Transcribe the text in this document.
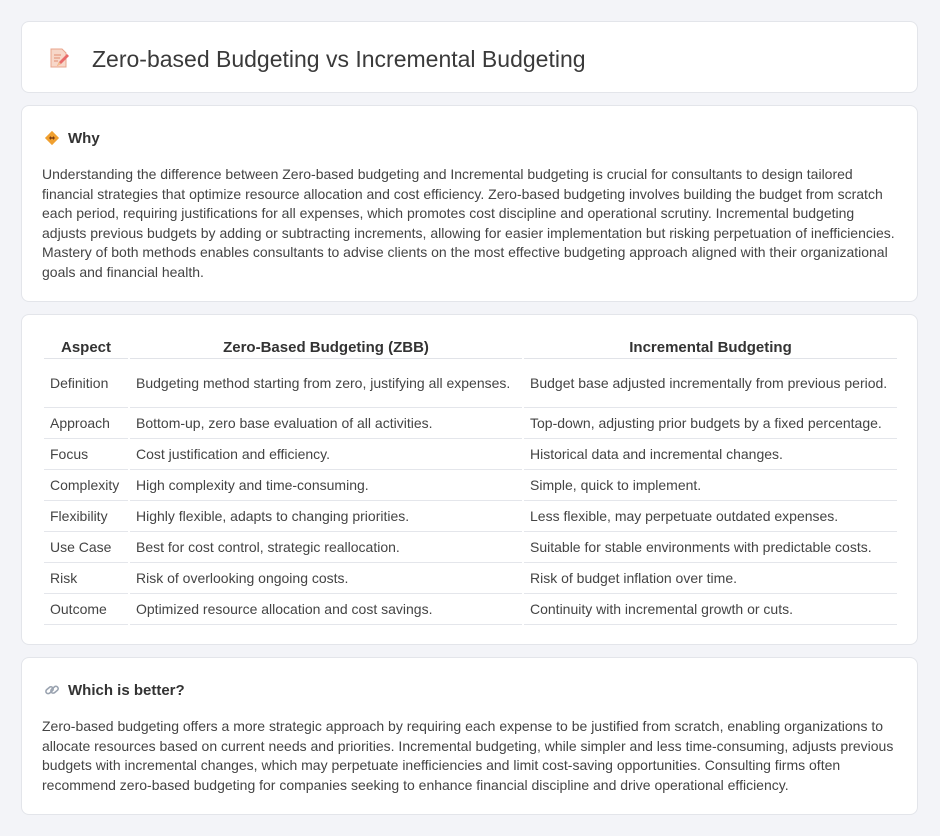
Zero-based Budgeting vs Incremental Budgeting
Why

Understanding the difference between Zero-based budgeting and Incremental budgeting is crucial for consultants to design tailored financial strategies that optimize resource allocation and cost efficiency. Zero-based budgeting involves building the budget from scratch each period, requiring justifications for all expenses, which promotes cost discipline and operational scrutiny. Incremental budgeting adjusts previous budgets by adding or subtracting increments, allowing for easier implementation but risking perpetuation of inefficiencies. Mastery of both methods enables consultants to advise clients on the most effective budgeting approach aligned with their organizational goals and financial health.

Aspect	Zero-Based Budgeting (ZBB)	Incremental Budgeting
Definition	Budgeting method starting from zero, justifying all expenses.	Budget base adjusted incrementally from previous period.
Approach	Bottom-up, zero base evaluation of all activities.	Top-down, adjusting prior budgets by a fixed percentage.
Focus	Cost justification and efficiency.	Historical data and incremental changes.
Complexity	High complexity and time-consuming.	Simple, quick to implement.
Flexibility	Highly flexible, adapts to changing priorities.	Less flexible, may perpetuate outdated expenses.
Use Case	Best for cost control, strategic reallocation.	Suitable for stable environments with predictable costs.
Risk	Risk of overlooking ongoing costs.	Risk of budget inflation over time.
Outcome	Optimized resource allocation and cost savings.	Continuity with incremental growth or cuts.
Which is better?

Zero-based budgeting offers a more strategic approach by requiring each expense to be justified from scratch, enabling organizations to allocate resources based on current needs and priorities. Incremental budgeting, while simpler and less time-consuming, adjusts previous budgets with incremental changes, which may perpetuate inefficiencies and limit cost-saving opportunities. Consulting firms often recommend zero-based budgeting for companies seeking to enhance financial discipline and drive operational efficiency.
